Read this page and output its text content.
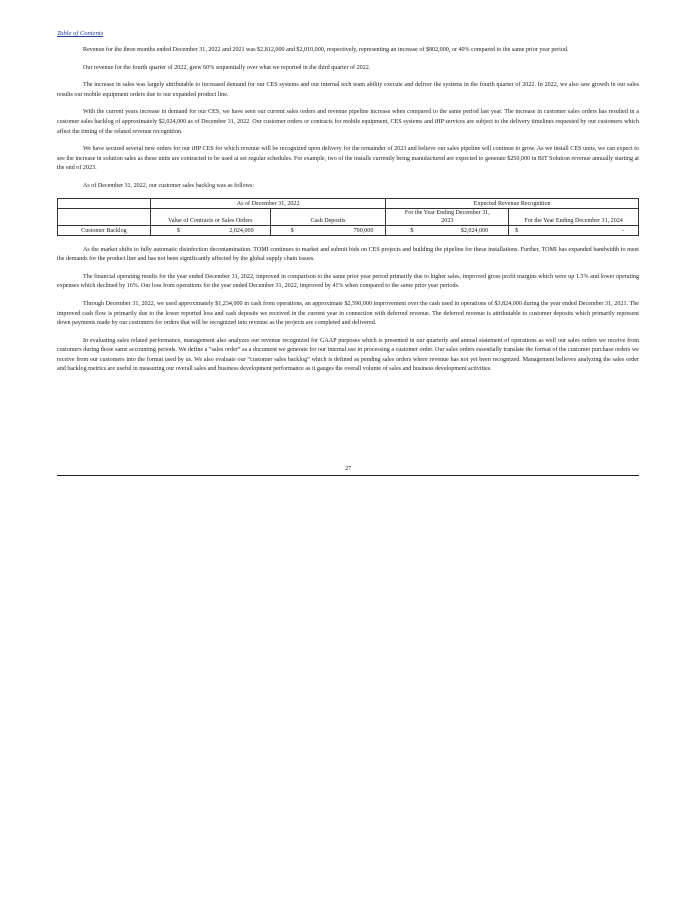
Table of Contents

Revenue for the three months ended December 31, 2022 and 2021 was $2,812,000 and $2,010,000, respectively, representing an increase of $802,000, or 40% compared to the same prior year period.

Our revenue for the fourth quarter of 2022, grew 60% sequentially over what we reported in the third quarter of 2022.

The increase in sales was largely attributable to increased demand for our CES systems and our internal tech team ability execute and deliver the systems in the fourth quarter of 2022. In 2022, we also saw growth in our sales results our mobile equipment orders due to our expanded product line.

With the current years increase in demand for our CES, we have seen our current sales orders and revenue pipeline increase when compared to the same period last year. The increase in customer sales orders has resulted in a customer sales backlog of approximately $2,024,000 as of December 31, 2022. Our customer orders or contracts for mobile equipment, CES systems and iHP services are subject to the delivery timelines requested by our customers which affect the timing of the related revenue recognition.

We have secured several new orders for our iHP CES for which revenue will be recognized upon delivery for the remainder of 2023 and believe our sales pipeline will continue to grow. As we install CES units, we can expect to see the increase in solution sales as these units are contracted to be used at set regular schedules. For example, two of the installs currently being manufactured are expected to generate $250,000 in BIT Solution revenue annually starting at the end of 2023.

As of December 31, 2022, our customer sales backlog was as follows:

	As of December 31, 2022		Expected Revenue Recognition	
	Value of Contracts or Sales Orders	Cash Deposits	For the Year Ending December 31,
2023	For the Year Ending December 31, 2024
Customer Backlog	$ 2,024,000	$ 700,000	$ $2,024,000	$ -

As the market shifts to fully automatic disinfection decontamination. TOMI continues to market and submit bids on CES projects and building the pipeline for these installations. Further, TOMI has expanded bandwidth to meet the demands for the product line and has not been significantly affected by the global supply chain issues.

The financial operating results for the year ended December 31, 2022, improved in comparison to the same prior year period primarily due to higher sales, improved gross profit margins which were up 1.5% and lower operating expenses which declined by 16%. Our loss from operations for the year ended December 31, 2022, improved by 41% when compared to the same prior year periods.

Through December 31, 2022, we used approximately $1,234,000 in cash from operations, an approximate $2,590,000 improvement over the cash used in operations of $3,824,000 during the year ended December 31, 2021. The improved cash flow is primarily due to the lower reported loss and cash deposits we received in the current year in connection with deferred revenue. The deferred revenue is attributable to customer deposits which primarily represent down payments made by our customers for orders that will be recognized into revenue as the projects are completed and delivered.

In evaluating sales related performance, management also analyzes our revenue recognized for GAAP purposes which is presented in our quarterly and annual statement of operations as well our sales orders we receive from customers during those same accounting periods. We define a “sales order” as a document we generate for our internal use in processing a customer order. Our sales orders essentially translate the format of the customer purchase orders we receive from our customers into the format used by us. We also evaluate our “customer sales backlog” which is defined as pending sales orders where revenue has not yet been recognized. Management believes analyzing the sales order and backlog metrics are useful in measuring our overall sales and business development performance as it gauges the overall volume of sales and business development activities.

27
